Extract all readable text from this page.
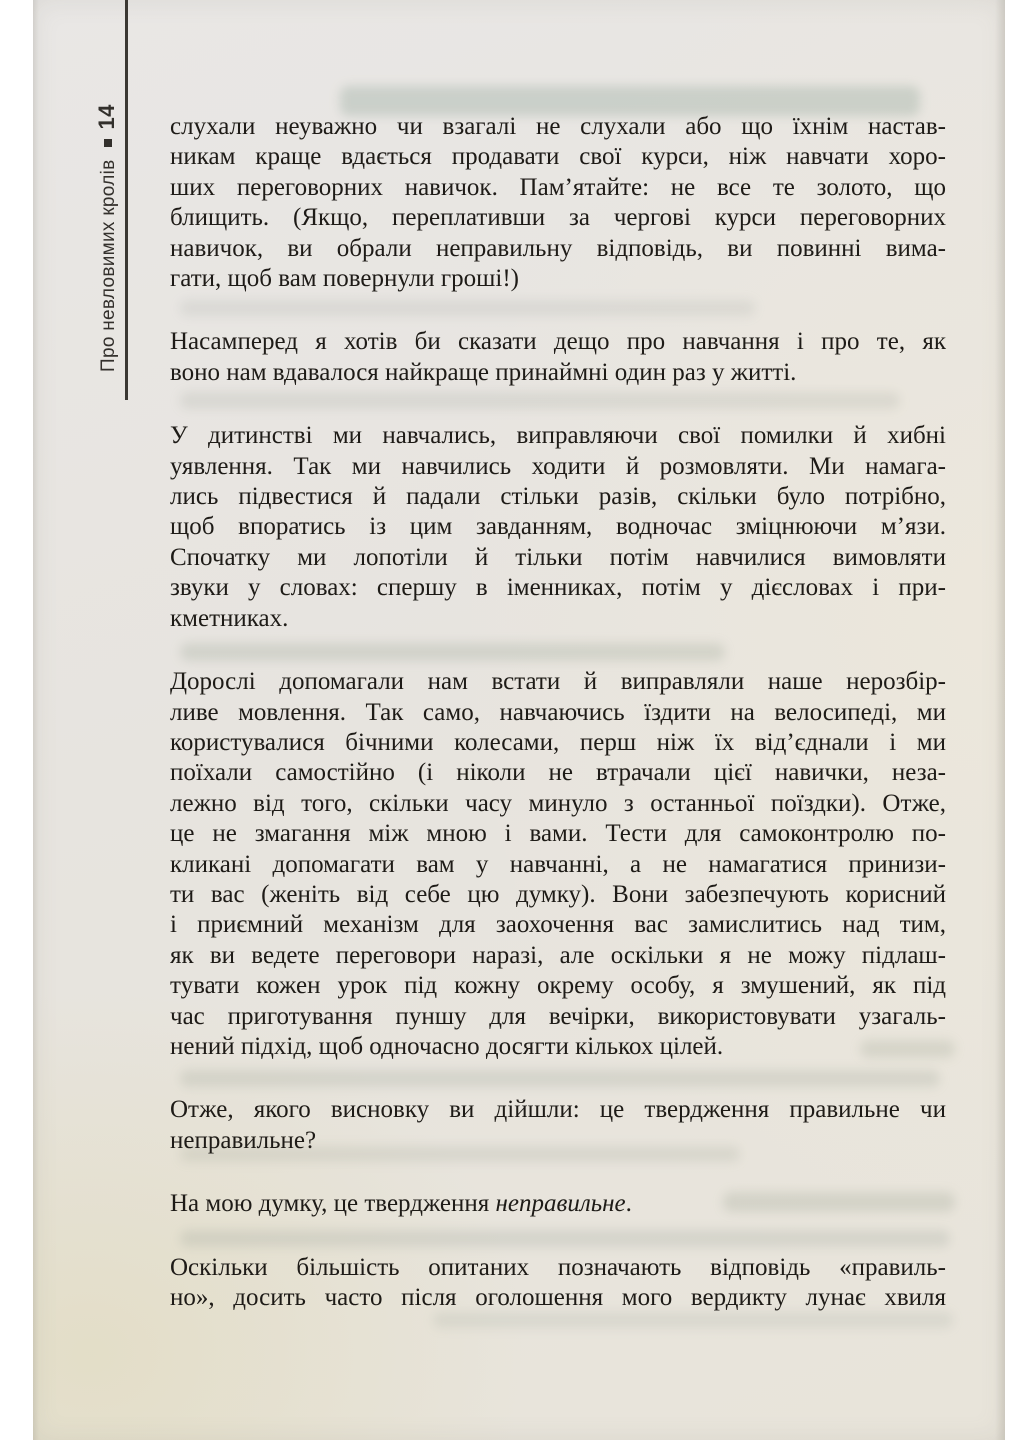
Про невловимих кролів14 слухали неуважно чи взагалі не слухали або що їхнім настав-
никам краще вдається продавати свої курси, ніж навчати хоро-
ших переговорних навичок. Пам’ятайте: не все те золото, що
блищить. (Якщо, переплативши за чергові курси переговорних
навичок, ви обрали неправильну відповідь, ви повинні вима-
гати, щоб вам повернули гроші!)

Насамперед я хотів би сказати дещо про навчання і про те, як
воно нам вдавалося найкраще принаймні один раз у житті.

У дитинстві ми навчались, виправляючи свої помилки й хибні
уявлення. Так ми навчились ходити й розмовляти. Ми намага-
лись підвестися й падали стільки разів, скільки було потрібно,
щоб впоратись із цим завданням, водночас зміцнюючи м’язи.
Спочатку ми лопотіли й тільки потім навчилися вимовляти
звуки у словах: спершу в іменниках, потім у дієсловах і при-
кметниках.

Дорослі допомагали нам встати й виправляли наше нерозбір-
ливе мовлення. Так само, навчаючись їздити на велосипеді, ми
користувалися бічними колесами, перш ніж їх від’єднали і ми
поїхали самостійно (і ніколи не втрачали цієї навички, неза-
лежно від того, скільки часу минуло з останньої поїздки). Отже,
це не змагання між мною і вами. Тести для самоконтролю по-
кликані допомагати вам у навчанні, а не намагатися принизи-
ти вас (женіть від себе цю думку). Вони забезпечують корисний
і приємний механізм для заохочення вас замислитись над тим,
як ви ведете переговори наразі, але оскільки я не можу підлаш-
тувати кожен урок під кожну окрему особу, я змушений, як під
час приготування пуншу для вечірки, використовувати узагаль-
нений підхід, щоб одночасно досягти кількох цілей.

Отже, якого висновку ви дійшли: це твердження правильне чи
неправильне?

На мою думку, це твердження неправильне.

Оскільки більшість опитаних позначають відповідь «правиль-
но», досить часто після оголошення мого вердикту лунає хвиля
